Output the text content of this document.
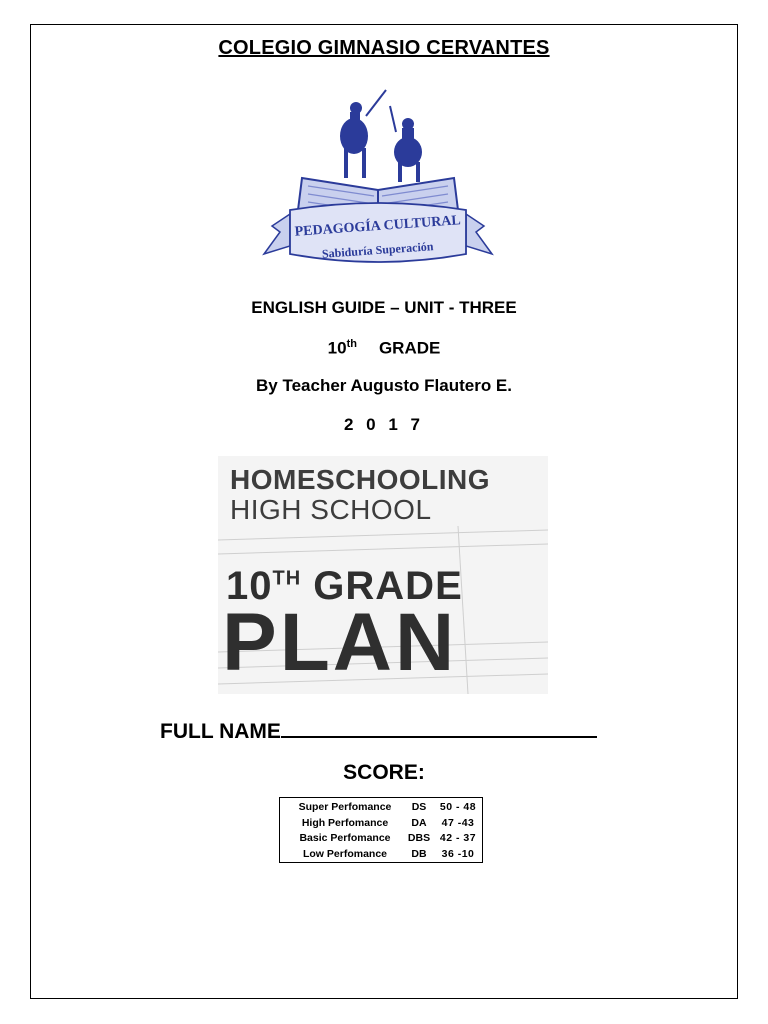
COLEGIO GIMNASIO CERVANTES
PEDAGOGÍA CULTURAL
Sabiduría Superación
ENGLISH GUIDE – UNIT - THREE
10th GRADE
By Teacher Augusto Flautero E.
2 0 1 7
HOMESCHOOLING
HIGH SCHOOL
10TH GRADE
PLAN
FULL NAME
SCORE:
Super Perfomance	DS	50 - 48
High Perfomance	DA	47 -43
Basic Perfomance	DBS 42 - 37
Low Perfomance	DB	36 -10
